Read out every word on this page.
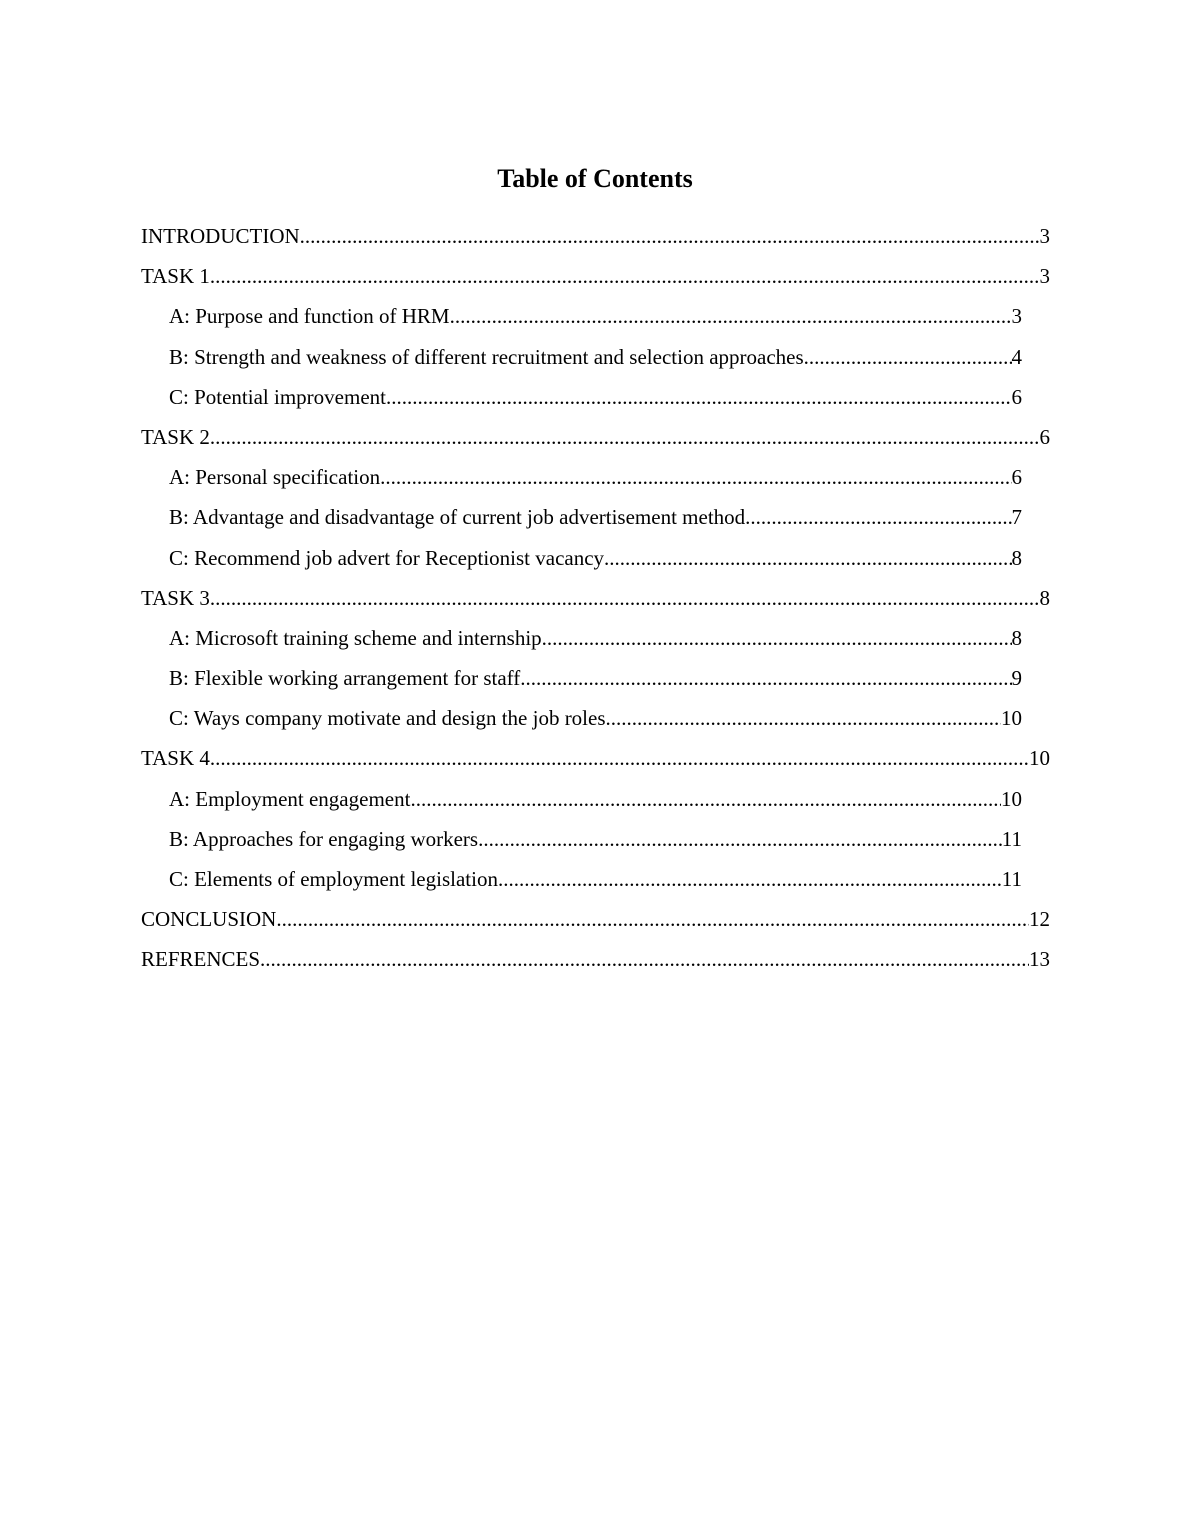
Table of Contents
INTRODUCTION .....	3
TASK 1 .....	3
A: Purpose and function of HRM .....	3
B: Strength and weakness of different recruitment and selection approaches .....	4
C: Potential improvement .....	6
TASK 2 .....	6
A: Personal specification .....	6
B: Advantage and disadvantage of current job advertisement method .....	7
C: Recommend job advert for Receptionist vacancy .....	8
TASK 3 .....	8
A: Microsoft training scheme and internship .....	8
B: Flexible working arrangement for staff .....	9
C: Ways company motivate and design the job roles .....	10
TASK 4 .....	10
A: Employment engagement .....	10
B: Approaches for engaging workers .....	11
C: Elements of employment legislation .....	11
CONCLUSION .....	12
REFRENCES .....	13
